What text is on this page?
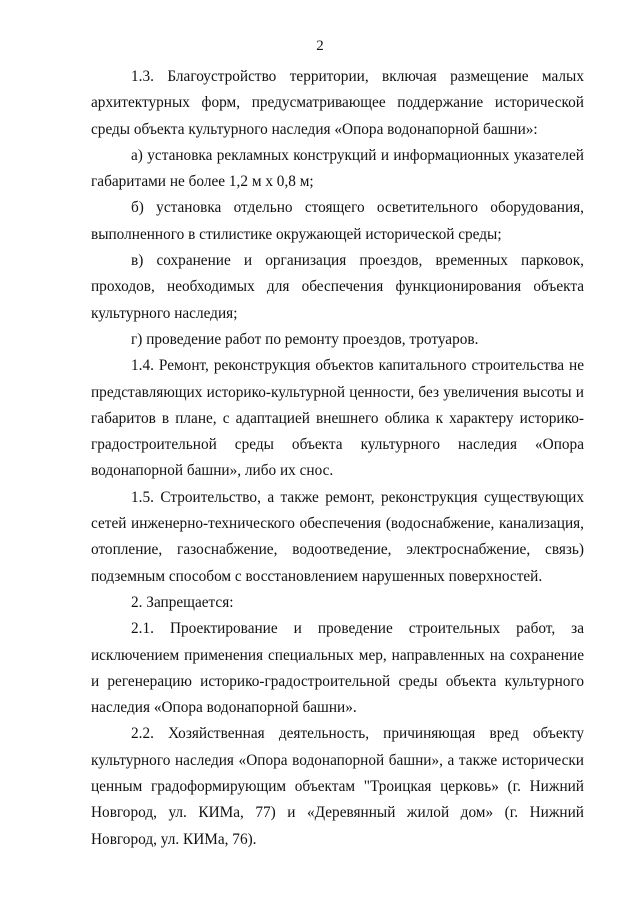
2

1.3. Благоустройство территории, включая размещение малых архитектурных форм, предусматривающее поддержание исторической среды объекта культурного наследия «Опора водонапорной башни»:

а) установка рекламных конструкций и информационных указателей габаритами не более 1,2 м х 0,8 м;

б) установка отдельно стоящего осветительного оборудования, выполненного в стилистике окружающей исторической среды;

в) сохранение и организация проездов, временных парковок, проходов, необходимых для обеспечения функционирования объекта культурного наследия;

г) проведение работ по ремонту проездов, тротуаров.

1.4. Ремонт, реконструкция объектов капитального строительства не представляющих историко-культурной ценности, без увеличения высоты и габаритов в плане, с адаптацией внешнего облика к характеру историко-градостроительной среды объекта культурного наследия «Опора водонапорной башни», либо их снос.

1.5. Строительство, а также ремонт, реконструкция существующих сетей инженерно-технического обеспечения (водоснабжение, канализация, отопление, газоснабжение, водоотведение, электроснабжение, связь) подземным способом с восстановлением нарушенных поверхностей.

2. Запрещается:

2.1. Проектирование и проведение строительных работ, за исключением применения специальных мер, направленных на сохранение и регенерацию историко-градостроительной среды объекта культурного наследия «Опора водонапорной башни».

2.2. Хозяйственная деятельность, причиняющая вред объекту культурного наследия «Опора водонапорной башни», а также исторически ценным градоформирующим объектам "Троицкая церковь» (г. Нижний Новгород, ул. КИМа, 77) и «Деревянный жилой дом» (г. Нижний Новгород, ул. КИМа, 76).
